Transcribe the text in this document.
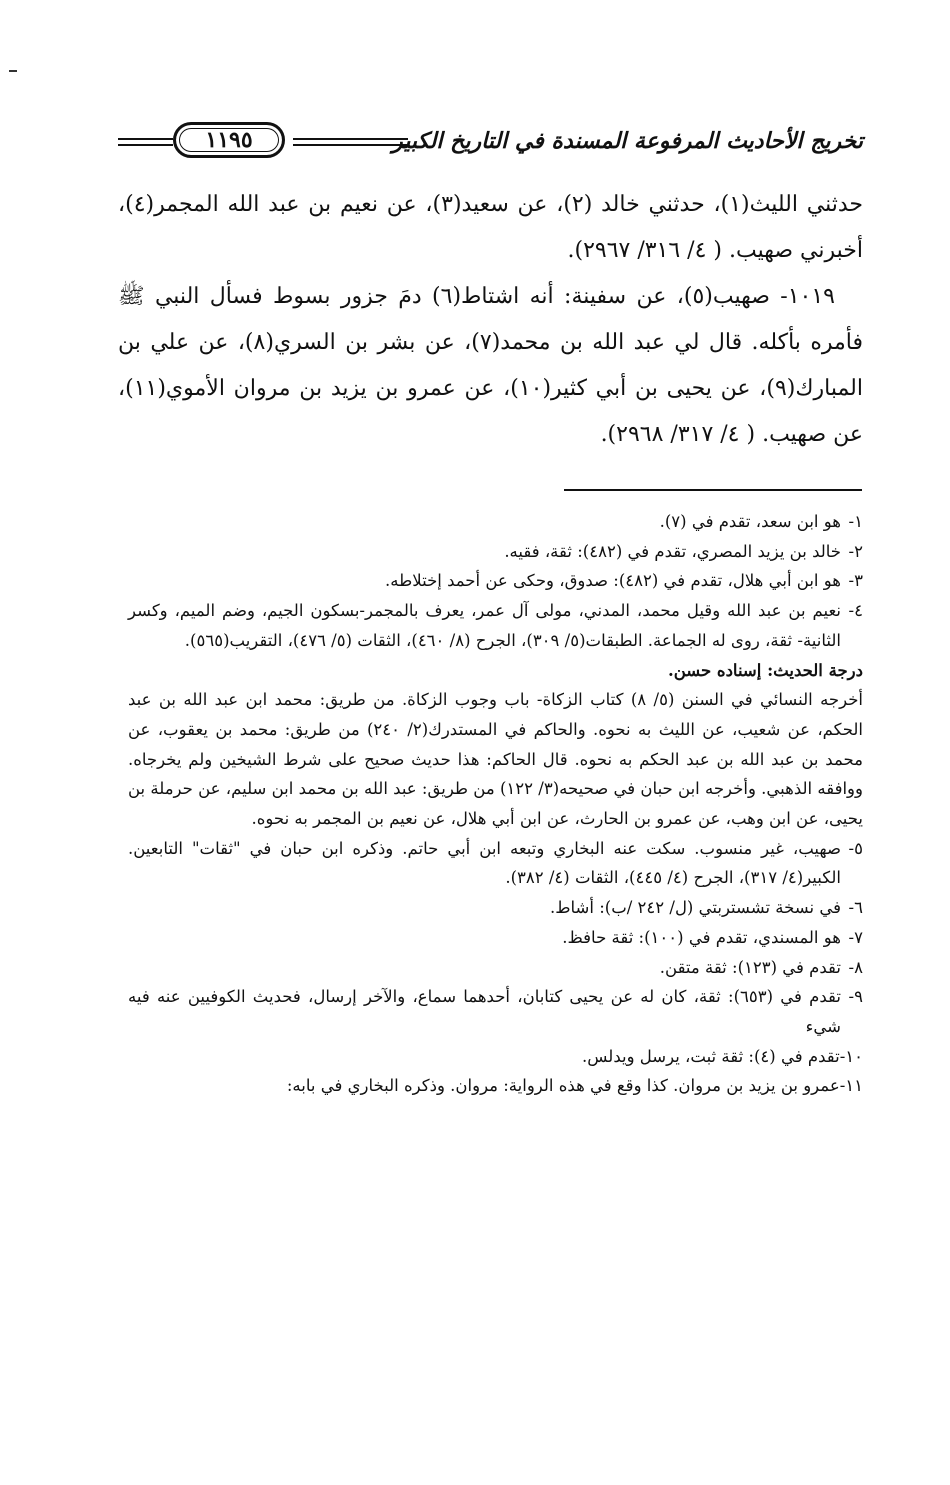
تخريج الأحاديث المرفوعة المسندة في التاريخ الكبير
١١٩٥

حدثني الليث(١)، حدثني خالد (٢)، عن سعيد(٣)، عن نعيم بن عبد الله المجمر(٤)، أخبرني صهيب. ( ٤/ ٣١٦/ ٢٩٦٧).

١٠١٩- صهيب(٥)، عن سفينة: أنه اشتاط(٦) دمَ جزور بسوط فسأل النبي ﷺ فأمره بأكله. قال لي عبد الله بن محمد(٧)، عن بشر بن السري(٨)، عن علي بن المبارك(٩)، عن يحيى بن أبي كثير(١٠)، عن عمرو بن يزيد بن مروان الأموي(١١)، عن صهيب. ( ٤/ ٣١٧/ ٢٩٦٨).

١-هو ابن سعد، تقدم في (٧).

٢-خالد بن يزيد المصري، تقدم في (٤٨٢): ثقة، فقيه.

٣-هو ابن أبي هلال، تقدم في (٤٨٢): صدوق، وحكى عن أحمد إختلاطه.

٤-نعيم بن عبد الله وقيل محمد، المدني، مولى آل عمر، يعرف بالمجمر-بسكون الجيم، وضم الميم، وكسر الثانية- ثقة، روى له الجماعة. الطبقات(٥/ ٣٠٩)، الجرح (٨/ ٤٦٠)، الثقات (٥/ ٤٧٦)، التقريب(٥٦٥).

درجة الحديث: إسناده حسن.

أخرجه النسائي في السنن (٥/ ٨) كتاب الزكاة- باب وجوب الزكاة. من طريق: محمد ابن عبد الله بن عبد الحكم، عن شعيب، عن الليث به نحوه. والحاكم في المستدرك(٢/ ٢٤٠) من طريق: محمد بن يعقوب، عن محمد بن عبد الله بن عبد الحكم به نحوه. قال الحاكم: هذا حديث صحيح على شرط الشيخين ولم يخرجاه. ووافقه الذهبي. وأخرجه ابن حبان في صحيحه(٣/ ١٢٢) من طريق: عبد الله بن محمد ابن سليم، عن حرملة بن يحيى، عن ابن وهب، عن عمرو بن الحارث، عن ابن أبي هلال، عن نعيم بن المجمر به نحوه.

٥-صهيب، غير منسوب. سكت عنه البخاري وتبعه ابن أبي حاتم. وذكره ابن حبان في "ثقات" التابعين. الكبير(٤/ ٣١٧)، الجرح (٤/ ٤٤٥)، الثقات (٤/ ٣٨٢).

٦-في نسخة تشستربتي (ل/ ٢٤٢ /ب): أشاط.

٧-هو المسندي، تقدم في (١٠٠): ثقة حافظ.

٨-تقدم في (١٢٣): ثقة متقن.

٩-تقدم في (٦٥٣): ثقة، كان له عن يحيى كتابان، أحدهما سماع، والآخر إرسال، فحديث الكوفيين عنه فيه شيء

١٠-تقدم في (٤): ثقة ثبت، يرسل ويدلس.

١١-عمرو بن يزيد بن مروان. كذا وقع في هذه الرواية: مروان. وذكره البخاري في بابه:
